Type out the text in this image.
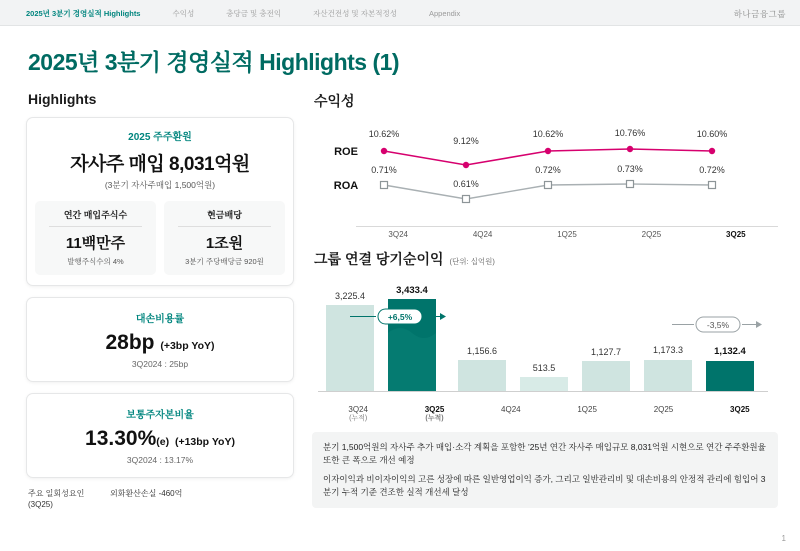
2025년 3분기 경영실적 Highlights	수익성	충당금 및 충전익	자산건전성 및 자본적정성	Appendix	하나금융그룹
2025년 3분기 경영실적 Highlights (1)
Highlights
2025 주주환원
자사주 매입 8,031억원
(3분기 자사주매입 1,500억원)
연간 매입주식수
11백만주
발행주식수의 4%
현금배당
1조원
3분기 주당배당금 920원
대손비용률
28bp (+3bp YoY)
3Q2024 : 25bp
보통주자본비율
13.30%(e) (+13bp YoY)
3Q2024 : 13.17%
주요 일회성요인
(3Q25)
외화환산손실 -460억
수익성
10.62%
9.12%
10.62%	10.76%	10.60%
ROE
0.71%
0.61%
0.72%	0.73%	0.72%
ROA
3Q24	4Q24	1Q25	2Q25	3Q25
그룹 연결 당기순이익 (단위: 십억원)
3,225.4	3,433.4
+6,5%
1,156.6
513.5
1,127.7	1,173.3	1,132.4
-3,5%
3Q24
(누적)
3Q25
(누적)
4Q24	1Q25	2Q25	3Q25

분기 1,500억원의 자사주 추가 매입·소각 계획을 포함한 ’25년 연간 자사주 매입규모 8,031억원 시현으로 연간 주주환원율 또한 큰 폭으로 개선 예정

이자이익과 비이자이익의 고른 성장에 따른 일반영업이익 증가, 그리고 일반관리비 및 대손비용의 안정적 관리에 힘입어 3분기 누적 기준 견조한 실적 개선세 달성

1
